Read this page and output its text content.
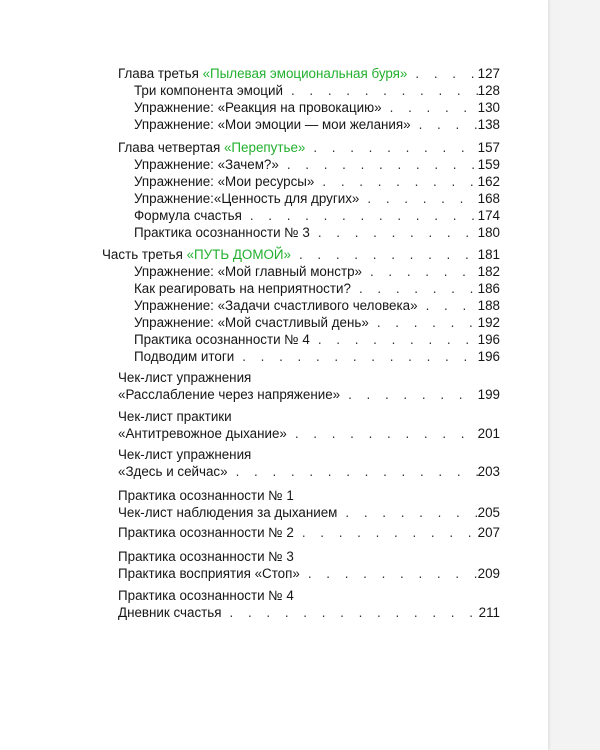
Глава третья «Пылевая эмоциональная буря» . . .	127
Три компонента эмоций . . .	128
Упражнение: «Реакция на провокацию» . . .	130
Упражнение: «Мои эмоции — мои желания» . . .	138
Глава четвертая «Перепутье» . . .	157
Упражнение: «Зачем?» . . .	159
Упражнение: «Мои ресурсы» . . .	162
Упражнение:«Ценность для других» . . .	168
Формула счастья . . .	174
Практика осознанности № 3 . . .	180
Часть третья «ПУТЬ ДОМОЙ» . . .	181
Упражнение: «Мой главный монстр» . . .	182
Как реагировать на неприятности? . . .	186
Упражнение: «Задачи счастливого человека» . . .	188
Упражнение: «Мой счастливый день» . . .	192
Практика осознанности № 4 . . .	196
Подводим итоги . . .	196
Чек-лист упражнения
«Расслабление через напряжение» . . .	199
Чек-лист практики
«Антитревожное дыхание» . . .	201
Чек-лист упражнения
«Здесь и сейчас» . . .	203
Практика осознанности № 1
Чек-лист наблюдения за дыханием . . .	205
Практика осознанности № 2 . . .	207
Практика осознанности № 3
Практика восприятия «Стоп» . . .	209
Практика осознанности № 4
Дневник счастья . . .	211
